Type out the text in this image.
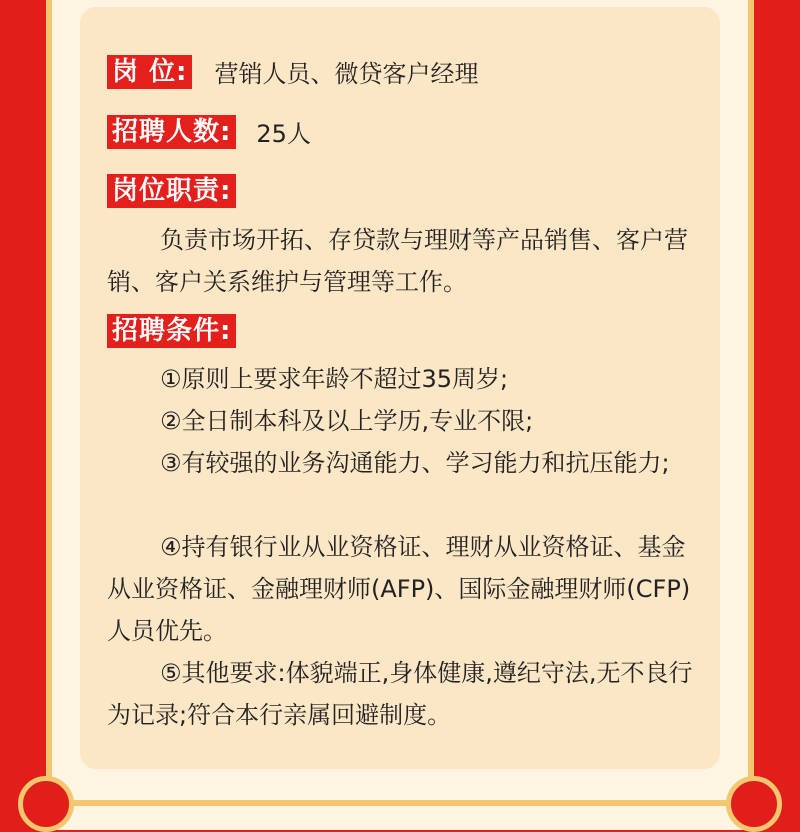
岗 位: 营销人员、微贷客户经理
招聘人数: 25人
岗位职责:

负责市场开拓、存贷款与理财等产品销售、客户营销、客户关系维护与管理等工作。

招聘条件:

①原则上要求年龄不超过35周岁;

②全日制本科及以上学历,专业不限;

③有较强的业务沟通能力、学习能力和抗压能力;

④持有银行业从业资格证、理财从业资格证、基金从业资格证、金融理财师(AFP)、国际金融理财师(CFP)人员优先。

⑤其他要求:体貌端正,身体健康,遵纪守法,无不良行为记录;符合本行亲属回避制度。
